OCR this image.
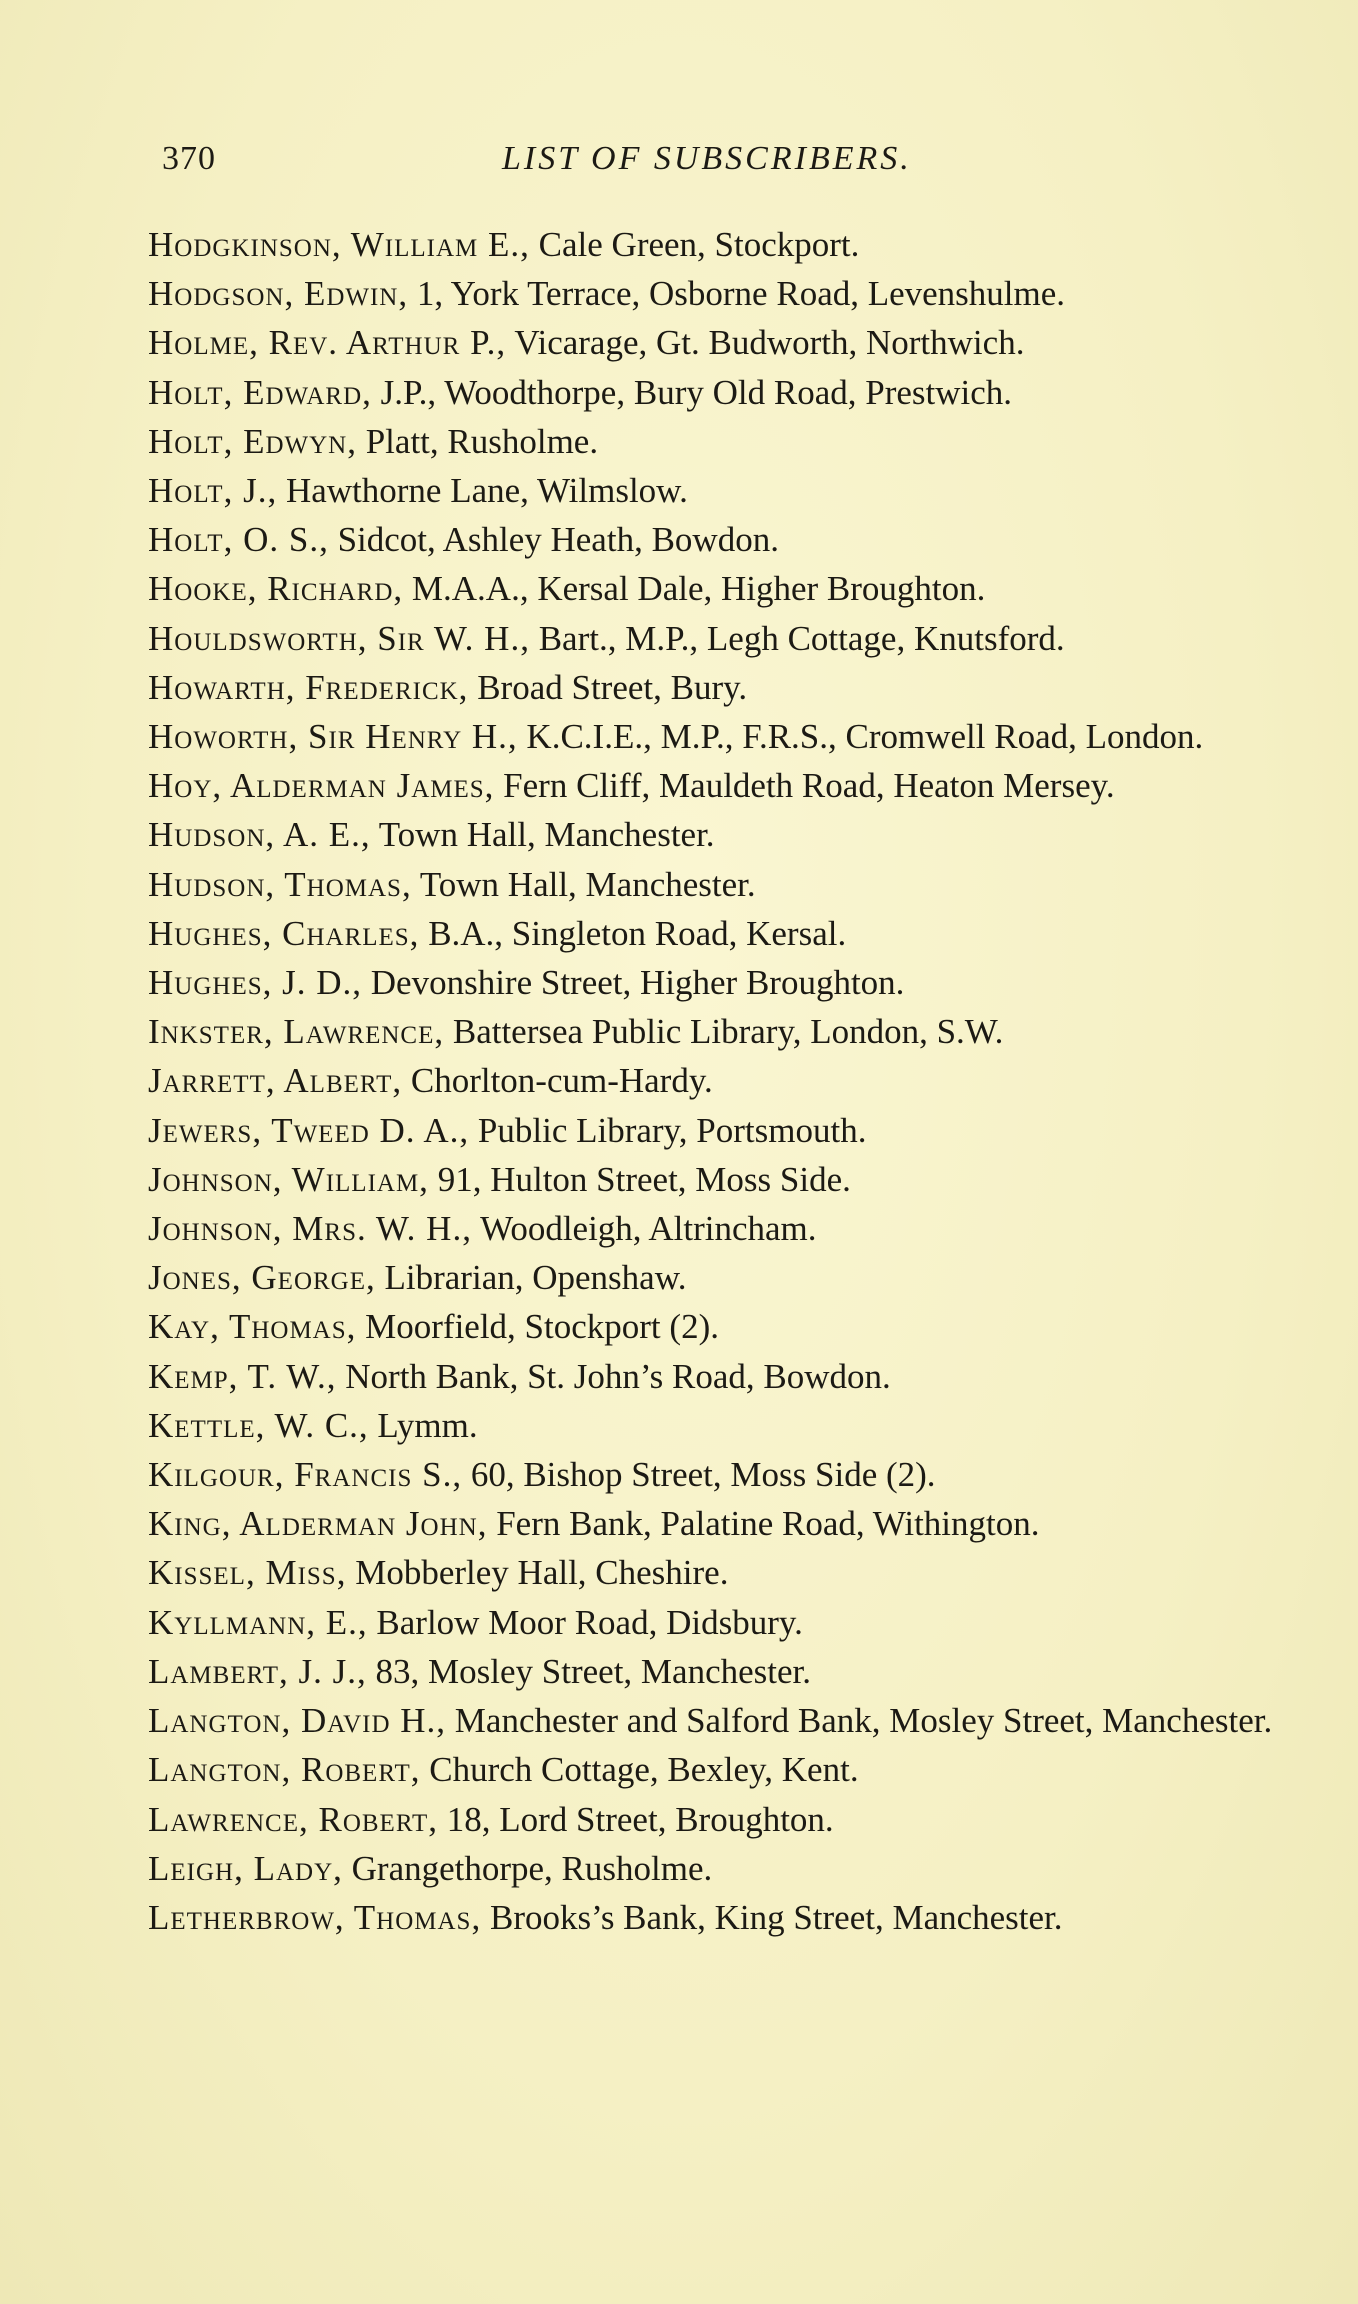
370	LIST OF SUBSCRIBERS.
Hodgkinson, William E., Cale Green, Stockport.
Hodgson, Edwin, 1, York Terrace, Osborne Road, Levenshulme.
Holme, Rev. Arthur P., Vicarage, Gt. Budworth, Northwich.
Holt, Edward, J.P., Woodthorpe, Bury Old Road, Prestwich.
Holt, Edwyn, Platt, Rusholme.
Holt, J., Hawthorne Lane, Wilmslow.
Holt, O. S., Sidcot, Ashley Heath, Bowdon.
Hooke, Richard, M.A.A., Kersal Dale, Higher Broughton.
Houldsworth, Sir W. H., Bart., M.P., Legh Cottage, Knutsford.
Howarth, Frederick, Broad Street, Bury.
Howorth, Sir Henry H., K.C.I.E., M.P., F.R.S., Cromwell Road, London.
Hoy, Alderman James, Fern Cliff, Mauldeth Road, Heaton Mersey.
Hudson, A. E., Town Hall, Manchester.
Hudson, Thomas, Town Hall, Manchester.
Hughes, Charles, B.A., Singleton Road, Kersal.
Hughes, J. D., Devonshire Street, Higher Broughton.
Inkster, Lawrence, Battersea Public Library, London, S.W.
Jarrett, Albert, Chorlton-cum-Hardy.
Jewers, Tweed D. A., Public Library, Portsmouth.
Johnson, William, 91, Hulton Street, Moss Side.
Johnson, Mrs. W. H., Woodleigh, Altrincham.
Jones, George, Librarian, Openshaw.
Kay, Thomas, Moorfield, Stockport (2).
Kemp, T. W., North Bank, St. John’s Road, Bowdon.
Kettle, W. C., Lymm.
Kilgour, Francis S., 60, Bishop Street, Moss Side (2).
King, Alderman John, Fern Bank, Palatine Road, Withington.
Kissel, Miss, Mobberley Hall, Cheshire.
Kyllmann, E., Barlow Moor Road, Didsbury.
Lambert, J. J., 83, Mosley Street, Manchester.
Langton, David H., Manchester and Salford Bank, Mosley Street, Manchester.
Langton, Robert, Church Cottage, Bexley, Kent.
Lawrence, Robert, 18, Lord Street, Broughton.
Leigh, Lady, Grangethorpe, Rusholme.
Letherbrow, Thomas, Brooks’s Bank, King Street, Manchester.
